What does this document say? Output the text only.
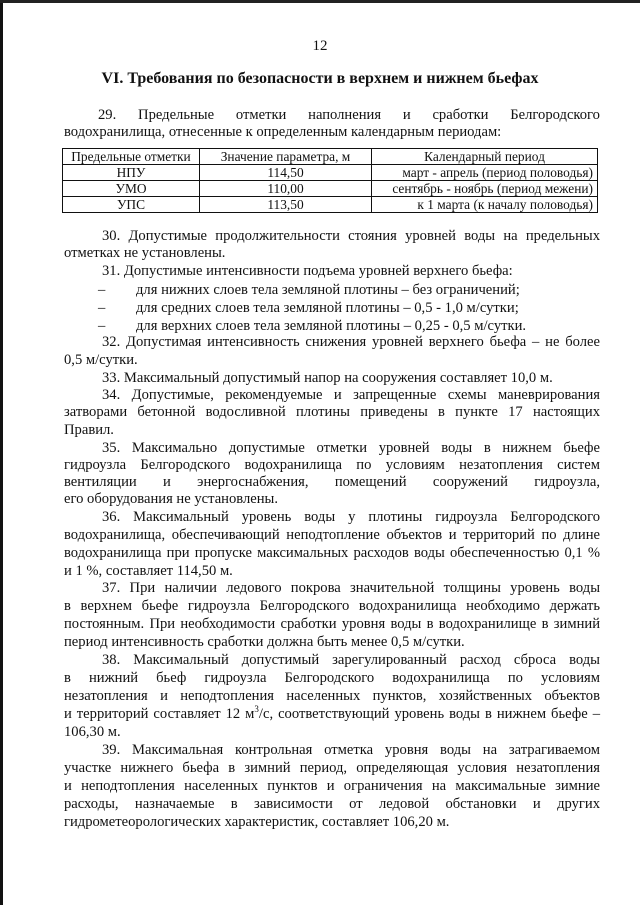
12
VI. Требования по безопасности в верхнем и нижнем бьефах
29. Предельные отметки наполнения и сработки Белгородского
водохранилища, отнесенные к определенным календарным периодам:
Предельные отметки	Значение параметра, м	Календарный период
НПУ	114,50	март - апрель (период половодья)
УМО	110,00	сентябрь - ноябрь (период межени)
УПС	113,50	к 1 марта (к началу половодья)
30. Допустимые продолжительности стояния уровней воды на предельных
отметках не установлены.
31. Допустимые интенсивности подъема уровней верхнего бьефа:
– для нижних слоев тела земляной плотины – без ограничений;
– для средних слоев тела земляной плотины – 0,5 - 1,0 м/сутки;
– для верхних слоев тела земляной плотины – 0,25 - 0,5 м/сутки.
32. Допустимая интенсивность снижения уровней верхнего бьефа – не более
0,5 м/сутки.
33. Максимальный допустимый напор на сооружения составляет 10,0 м.
34. Допустимые, рекомендуемые и запрещенные схемы маневрирования
затворами бетонной водосливной плотины приведены в пункте 17 настоящих
Правил.
35. Максимально допустимые отметки уровней воды в нижнем бьефе
гидроузла Белгородского водохранилища по условиям незатопления систем
вентиляции и энергоснабжения, помещений сооружений гидроузла,
его оборудования не установлены.
36. Максимальный уровень воды у плотины гидроузла Белгородского
водохранилища, обеспечивающий неподтопление объектов и территорий по длине
водохранилища при пропуске максимальных расходов воды обеспеченностью 0,1 %
и 1 %, составляет 114,50 м.
37. При наличии ледового покрова значительной толщины уровень воды
в верхнем бьефе гидроузла Белгородского водохранилища необходимо держать
постоянным. При необходимости сработки уровня воды в водохранилище в зимний
период интенсивность сработки должна быть менее 0,5 м/сутки.
38. Максимальный допустимый зарегулированный расход сброса воды
в нижний бьеф гидроузла Белгородского водохранилища по условиям
незатопления и неподтопления населенных пунктов, хозяйственных объектов
и территорий составляет 12 $м^3/с$, соответствующий уровень воды в нижнем бьефе –
106,30 м.
39. Максимальная контрольная отметка уровня воды на затрагиваемом
участке нижнего бьефа в зимний период, определяющая условия незатопления
и неподтопления населенных пунктов и ограничения на максимальные зимние
расходы, назначаемые в зависимости от ледовой обстановки и других
гидрометеорологических характеристик, составляет 106,20 м.
